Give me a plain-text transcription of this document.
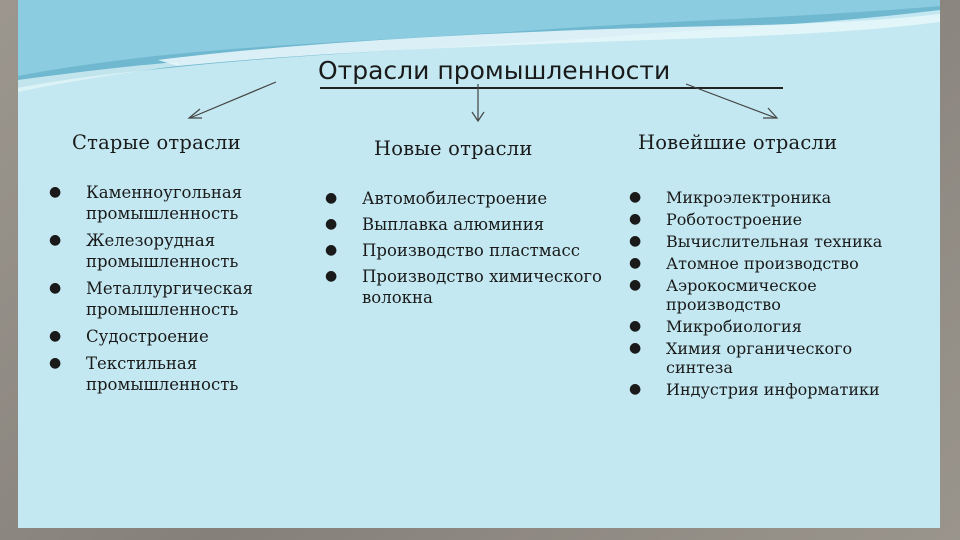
Отрасли промышленности
Старые отрасли	Новые отрасли	Новейшие отрасли
● Каменноугольная промышленность
● Железорудная промышленность
● Металлургическая промышленность
● Судостроение
● Текстильная промышленность
● Автомобилестроение
● Выплавка алюминия
● Производство пластмасс
● Производство химического волокна
● Микроэлектроника
● Роботостроение
● Вычислительная техника
● Атомное производство
● Аэрокосмическое производство
● Микробиология
● Химия органического синтеза
● Индустрия информатики
